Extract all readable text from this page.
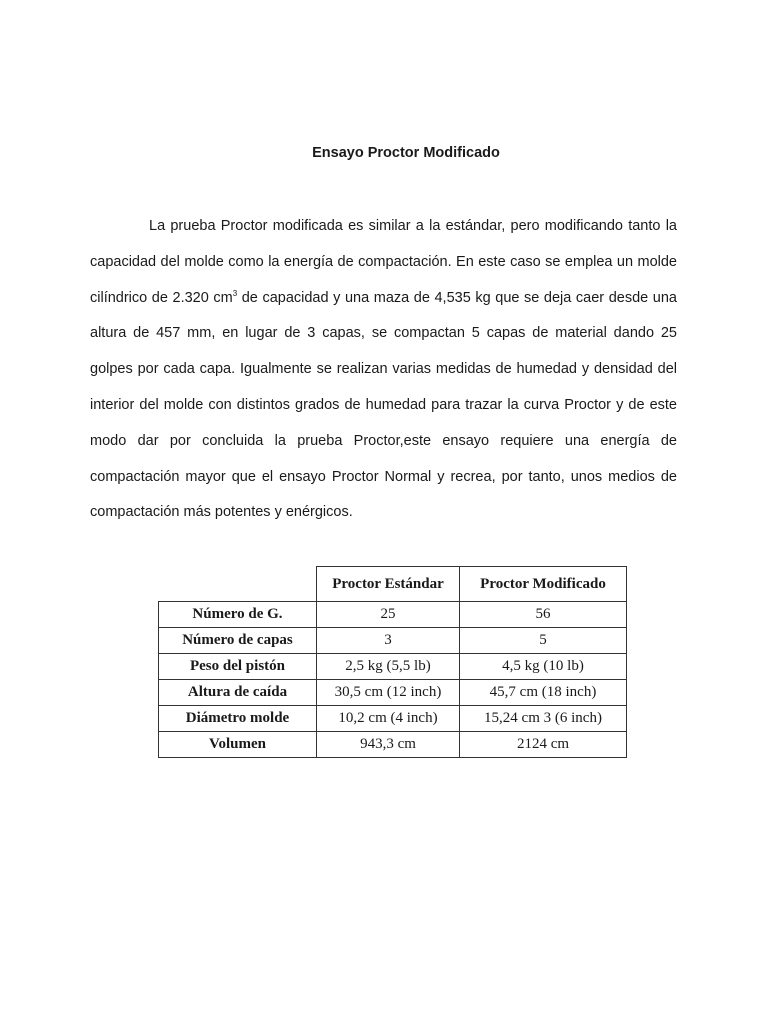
Ensayo Proctor Modificado

La prueba Proctor modificada es similar a la estándar, pero modificando tanto la capacidad del molde como la energía de compactación. En este caso se emplea un molde cilíndrico de 2.320 $cm^3$ de capacidad y una maza de 4,535 kg que se deja caer desde una altura de 457 mm, en lugar de 3 capas, se compactan 5 capas de material dando 25 golpes por cada capa. Igualmente se realizan varias medidas de humedad y densidad del interior del molde con distintos grados de humedad para trazar la curva Proctor y de este modo dar por concluida la prueba Proctor,este ensayo requiere una energía de compactación mayor que el ensayo Proctor Normal y recrea, por tanto, unos medios de compactación más potentes y enérgicos.

	Proctor Estándar	Proctor Modificado
Número de G.	25	56
Número de capas	3	5
Peso del pistón	2,5 kg (5,5 lb)	4,5 kg (10 lb)
Altura de caída	30,5 cm (12 inch)	45,7 cm (18 inch)
Diámetro molde	10,2 cm (4 inch)	15,24 cm 3 (6 inch)
Volumen	943,3 cm	2124 cm
